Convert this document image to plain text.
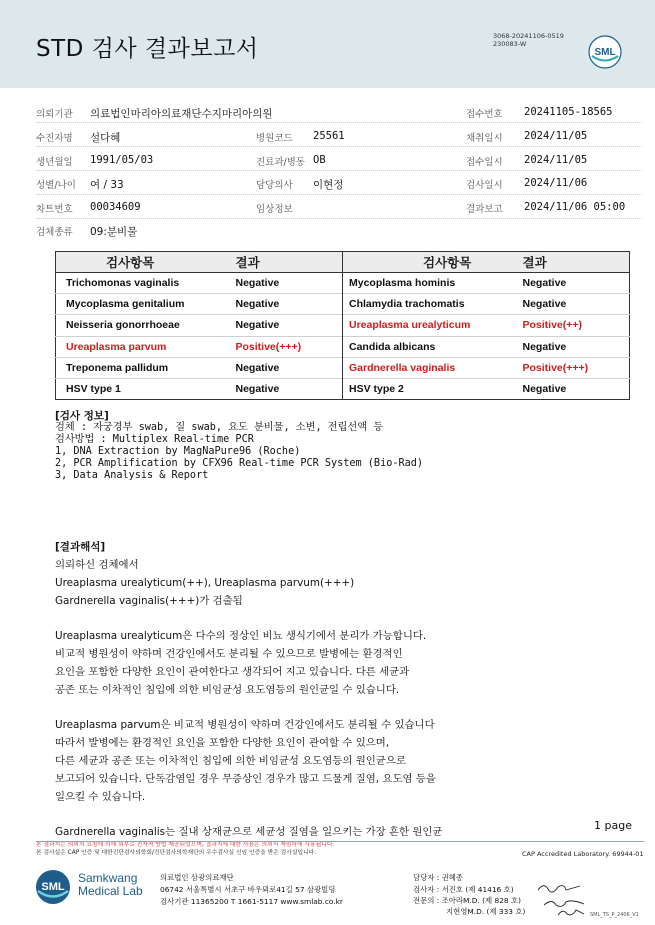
STD 검사 결과보고서	3068-20241106-0519
230083-W
SML
의뢰기관 의료법인마리아의료재단수지마리아의원	접수번호 20241105-18565
수진자명 설다혜	병원코드 25561	채취일시 2024/11/05
생년월일 1991/05/03	진료과/병동 OB	접수일시 2024/11/05
성별/나이 여 / 33	담당의사 이현정	검사일시 2024/11/06
차트번호 00034609	임상정보	결과보고 2024/11/06 05:00
검체종류 09:분비물
검사항목	결과	검사항목	결과
Trichomonas vaginalis	Negative	Mycoplasma hominis	Negative
Mycoplasma genitalium	Negative	Chlamydia trachomatis	Negative
Neisseria gonorrhoeae	Negative	Ureaplasma urealyticum	Positive(++)
Ureaplasma parvum	Positive(+++)	Candida albicans	Negative
Treponema pallidum	Negative	Gardnerella vaginalis	Positive(+++)
HSV type 1	Negative	HSV type 2	Negative
[검사 정보]
검체 : 자궁경부 swab, 질 swab, 요도 분비물, 소변, 전립선액 등
검사방법 : Multiplex Real-time PCR
1, DNA Extraction by MagNaPure96 (Roche)
2, PCR Amplification by CFX96 Real-time PCR System (Bio-Rad)
3, Data Analysis & Report

[결과해석]

의뢰하신 검체에서

Ureaplasma urealyticum(++), Ureaplasma parvum(+++)

Gardnerella vaginalis(+++)가 검출됨

Ureaplasma urealyticum은 다수의 정상인 비뇨 생식기에서 분리가 가능합니다.

비교적 병원성이 약하며 건강인에서도 분리될 수 있으므로 발병에는 환경적인

요인을 포함한 다양한 요인이 관여한다고 생각되어 지고 있습니다. 다른 세균과

공존 또는 이차적인 침입에 의한 비임균성 요도염등의 원인균일 수 있습니다.

Ureaplasma parvum은 비교적 병원성이 약하며 건강인에서도 분리될 수 있습니다

따라서 발병에는 환경적인 요인을 포함한 다양한 요인이 관여할 수 있으며,

다른 세균과 공존 또는 이차적인 침입에 의한 비임균성 요도염등의 원인균으로

보고되어 있습니다. 단독감염일 경우 무증상인 경우가 많고 드물게 질염, 요도염 등을

일으킬 수 있습니다.

Gardnerella vaginalis는 질내 상재균으로 세균성 질염을 일으키는 가장 흔한 원인균	1 page
본 결과지는 의뢰처 요청에 의해 외부로 전자적 방법 제공되었으며, 결과지에 대한 사용은 의뢰처 책임하에 사용됩니다.
본 검사실은 CAP 인증 및 대한진단검사의학회/진단검사의학재단의 우수검사실 신임 인증을 받은 검사실입니다.	CAP Accredited Laboratory. 69944-01
SML
Samkwang
Medical Lab
의료법인 삼광의료재단
06742 서울특별시 서초구 바우뫼로41길 57 삼광빌딩
검사기관 11365200 T 1661-5117 www.smlab.co.kr
담당자 : 권혜종
검사자 : 서진호 (제 41416 호)
전문의 : 조아라M.D. (제 828 호)
지현영M.D. (제 333 호)	SML_TS_P_2406_V1
